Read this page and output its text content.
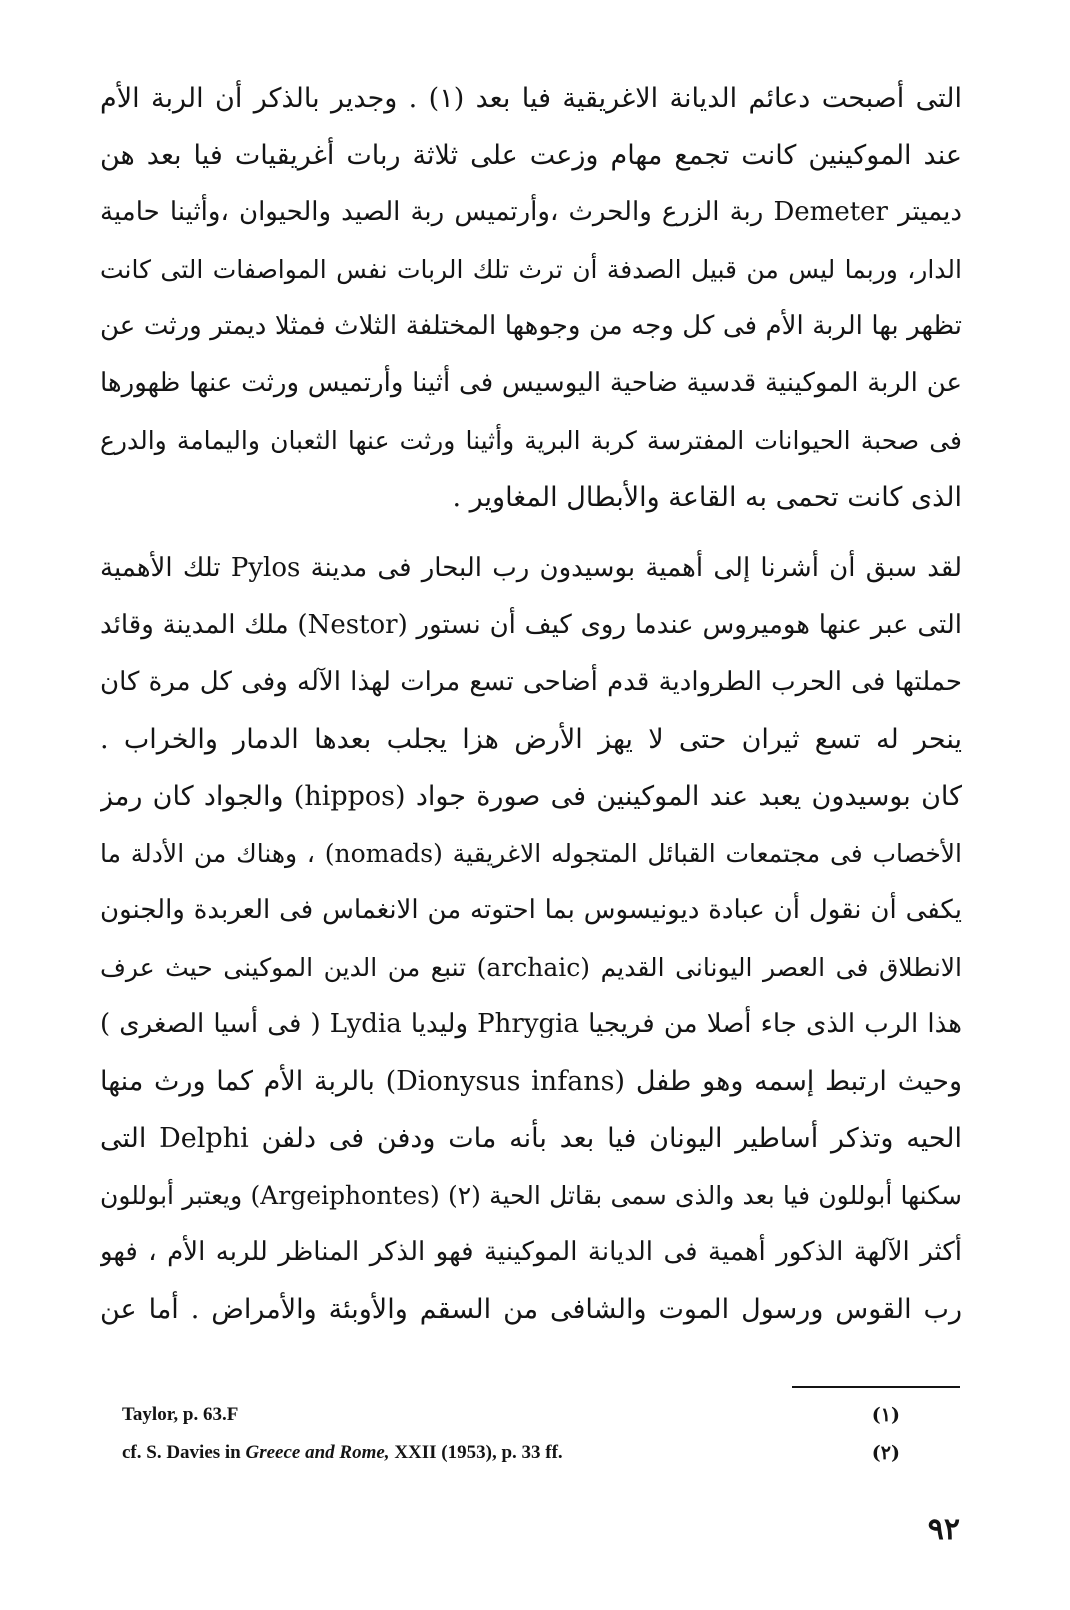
التى أصبحت دعائم الديانة الاغريقية فيا بعد (١) . وجدير بالذكر أن الربة الأم
عند الموكينين كانت تجمع مهام وزعت على ثلاثة ربات أغريقيات فيا بعد هن
ديميتر Demeter ربة الزرع والحرث ،وأرتميس ربة الصيد والحيوان ،وأثينا حامية
الدار، وربما ليس من قبيل الصدفة أن ترث تلك الربات نفس المواصفات التى كانت
تظهر بها الربة الأم فى كل وجه من وجوهها المختلفة الثلاث فمثلا ديمتر ورثت عن
عن الربة الموكينية قدسية ضاحية اليوسيس فى أثينا وأرتميس ورثت عنها ظهورها
فى صحبة الحيوانات المفترسة كربة البرية وأثينا ورثت عنها الثعبان واليمامة والدرع
الذى كانت تحمى به القاعة والأبطال المغاوير .
لقد سبق أن أشرنا إلى أهمية بوسيدون رب البحار فى مدينة Pylos تلك الأهمية
التى عبر عنها هوميروس عندما روى كيف أن نستور (Nestor) ملك المدينة وقائد
حملتها فى الحرب الطروادية قدم أضاحى تسع مرات لهذا الآله وفى كل مرة كان
ينحر له تسع ثيران حتى لا يهز الأرض هزا يجلب بعدها الدمار والخراب .
كان بوسيدون يعبد عند الموكينين فى صورة جواد (hippos) والجواد كان رمز
الأخصاب فى مجتمعات القبائل المتجوله الاغريقية (nomads) ، وهناك من الأدلة ما
يكفى أن نقول أن عبادة ديونيسوس بما احتوته من الانغماس فى العربدة والجنون
الانطلاق فى العصر اليونانى القديم (archaic) تنبع من الدين الموكينى حيث عرف
هذا الرب الذى جاء أصلا من فريجيا Phrygia وليديا Lydia ( فى أسيا الصغرى )
وحيث ارتبط إسمه وهو طفل (Dionysus infans) بالربة الأم كما ورث منها
الحيه وتذكر أساطير اليونان فيا بعد بأنه مات ودفن فى دلفن Delphi التى
سكنها أبوللون فيا بعد والذى سمى بقاتل الحية (٢) (Argeiphontes) ويعتبر أبوللون
أكثر الآلهة الذكور أهمية فى الديانة الموكينية فهو الذكر المناظر للربه الأم ، فهو
رب القوس ورسول الموت والشافى من السقم والأوبئة والأمراض . أما عن
Taylor, p. 63.F	(١)
cf. S. Davies in Greece and Rome, XXII (1953), p. 33 ff.	(٢)
٩٢
